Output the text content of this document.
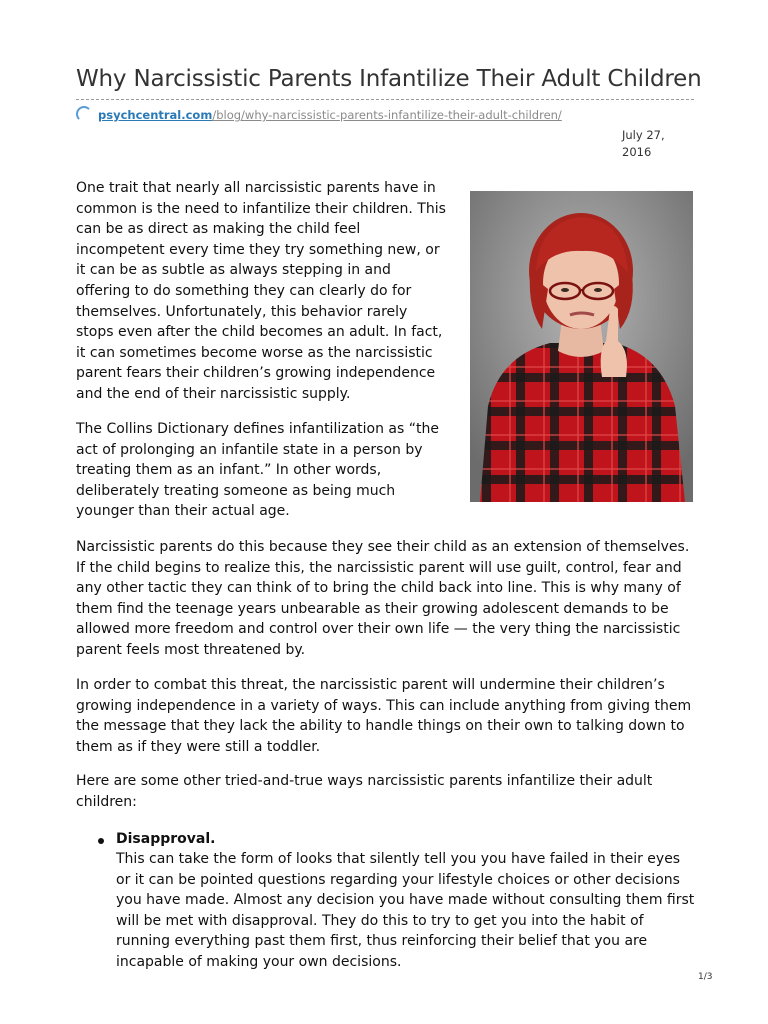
Why Narcissistic Parents Infantilize Their Adult Children
psychcentral.com/blog/why-narcissistic-parents-infantilize-their-adult-children/
July 27,
2016

One trait that nearly all narcissistic parents have in common is the need to infantilize their children. This can be as direct as making the child feel incompetent every time they try something new, or it can be as subtle as always stepping in and offering to do something they can clearly do for themselves. Unfortunately, this behavior rarely stops even after the child becomes an adult. In fact, it can sometimes become worse as the narcissistic parent fears their children’s growing independence and the end of their narcissistic supply.

The Collins Dictionary defines infantilization as “the act of prolonging an infantile state in a person by treating them as an infant.” In other words, deliberately treating someone as being much younger than their actual age.

Narcissistic parents do this because they see their child as an extension of themselves. If the child begins to realize this, the narcissistic parent will use guilt, control, fear and any other tactic they can think of to bring the child back into line. This is why many of them find the teenage years unbearable as their growing adolescent demands to be allowed more freedom and control over their own life — the very thing the narcissistic parent feels most threatened by.

In order to combat this threat, the narcissistic parent will undermine their children’s growing independence in a variety of ways. This can include anything from giving them the message that they lack the ability to handle things on their own to talking down to them as if they were still a toddler.

Here are some other tried-and-true ways narcissistic parents infantilize their adult children:

Disapproval.

This can take the form of looks that silently tell you you have failed in their eyes or it can be pointed questions regarding your lifestyle choices or other decisions you have made. Almost any decision you have made without consulting them first will be met with disapproval. They do this to try to get you into the habit of running everything past them first, thus reinforcing their belief that you are incapable of making your own decisions.

1/3
